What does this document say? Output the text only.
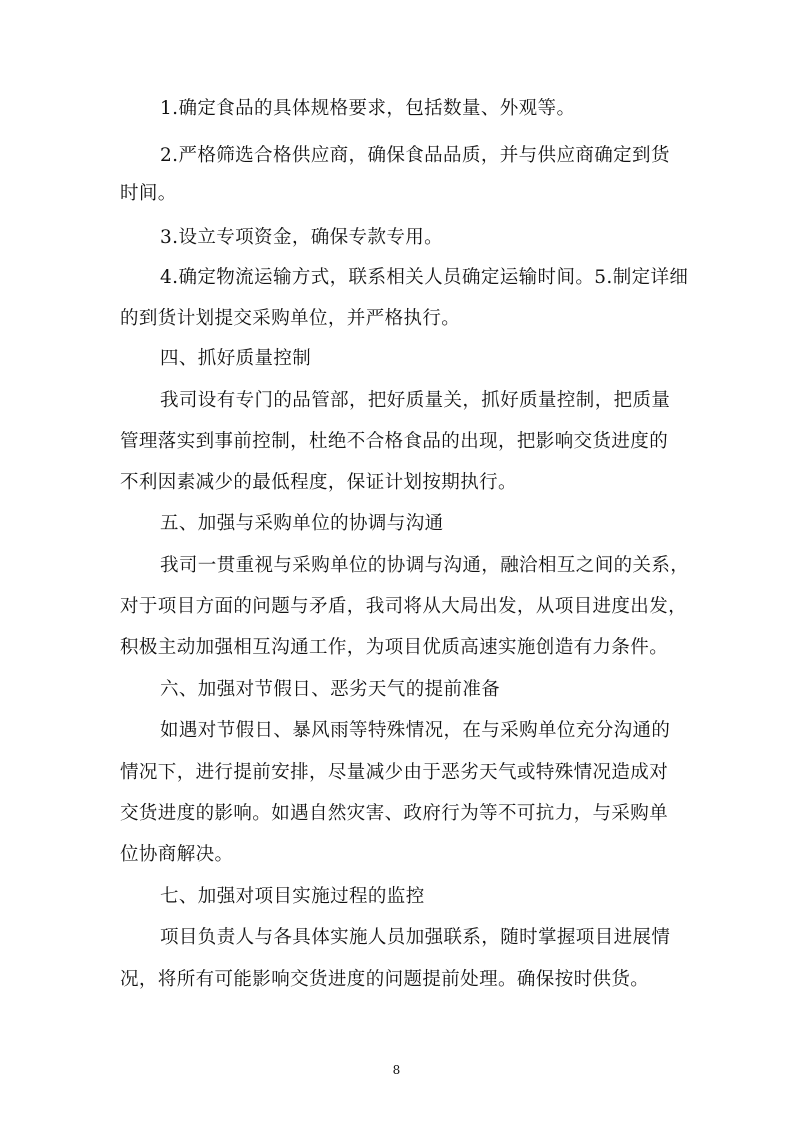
1.确定食品的具体规格要求，包括数量、外观等。
2.严格筛选合格供应商，确保食品品质，并与供应商确定到货
时间。
3.设立专项资金，确保专款专用。
4.确定物流运输方式，联系相关人员确定运输时间。5.制定详细
的到货计划提交采购单位，并严格执行。
四、抓好质量控制
我司设有专门的品管部，把好质量关，抓好质量控制，把质量
管理落实到事前控制，杜绝不合格食品的出现，把影响交货进度的
不利因素减少的最低程度，保证计划按期执行。
五、加强与采购单位的协调与沟通
我司一贯重视与采购单位的协调与沟通，融洽相互之间的关系，
对于项目方面的问题与矛盾，我司将从大局出发，从项目进度出发，
积极主动加强相互沟通工作，为项目优质高速实施创造有力条件。
六、加强对节假日、恶劣天气的提前准备
如遇对节假日、暴风雨等特殊情况，在与采购单位充分沟通的
情况下，进行提前安排，尽量减少由于恶劣天气或特殊情况造成对
交货进度的影响。如遇自然灾害、政府行为等不可抗力，与采购单
位协商解决。
七、加强对项目实施过程的监控
项目负责人与各具体实施人员加强联系，随时掌握项目进展情
况，将所有可能影响交货进度的问题提前处理。确保按时供货。
8
